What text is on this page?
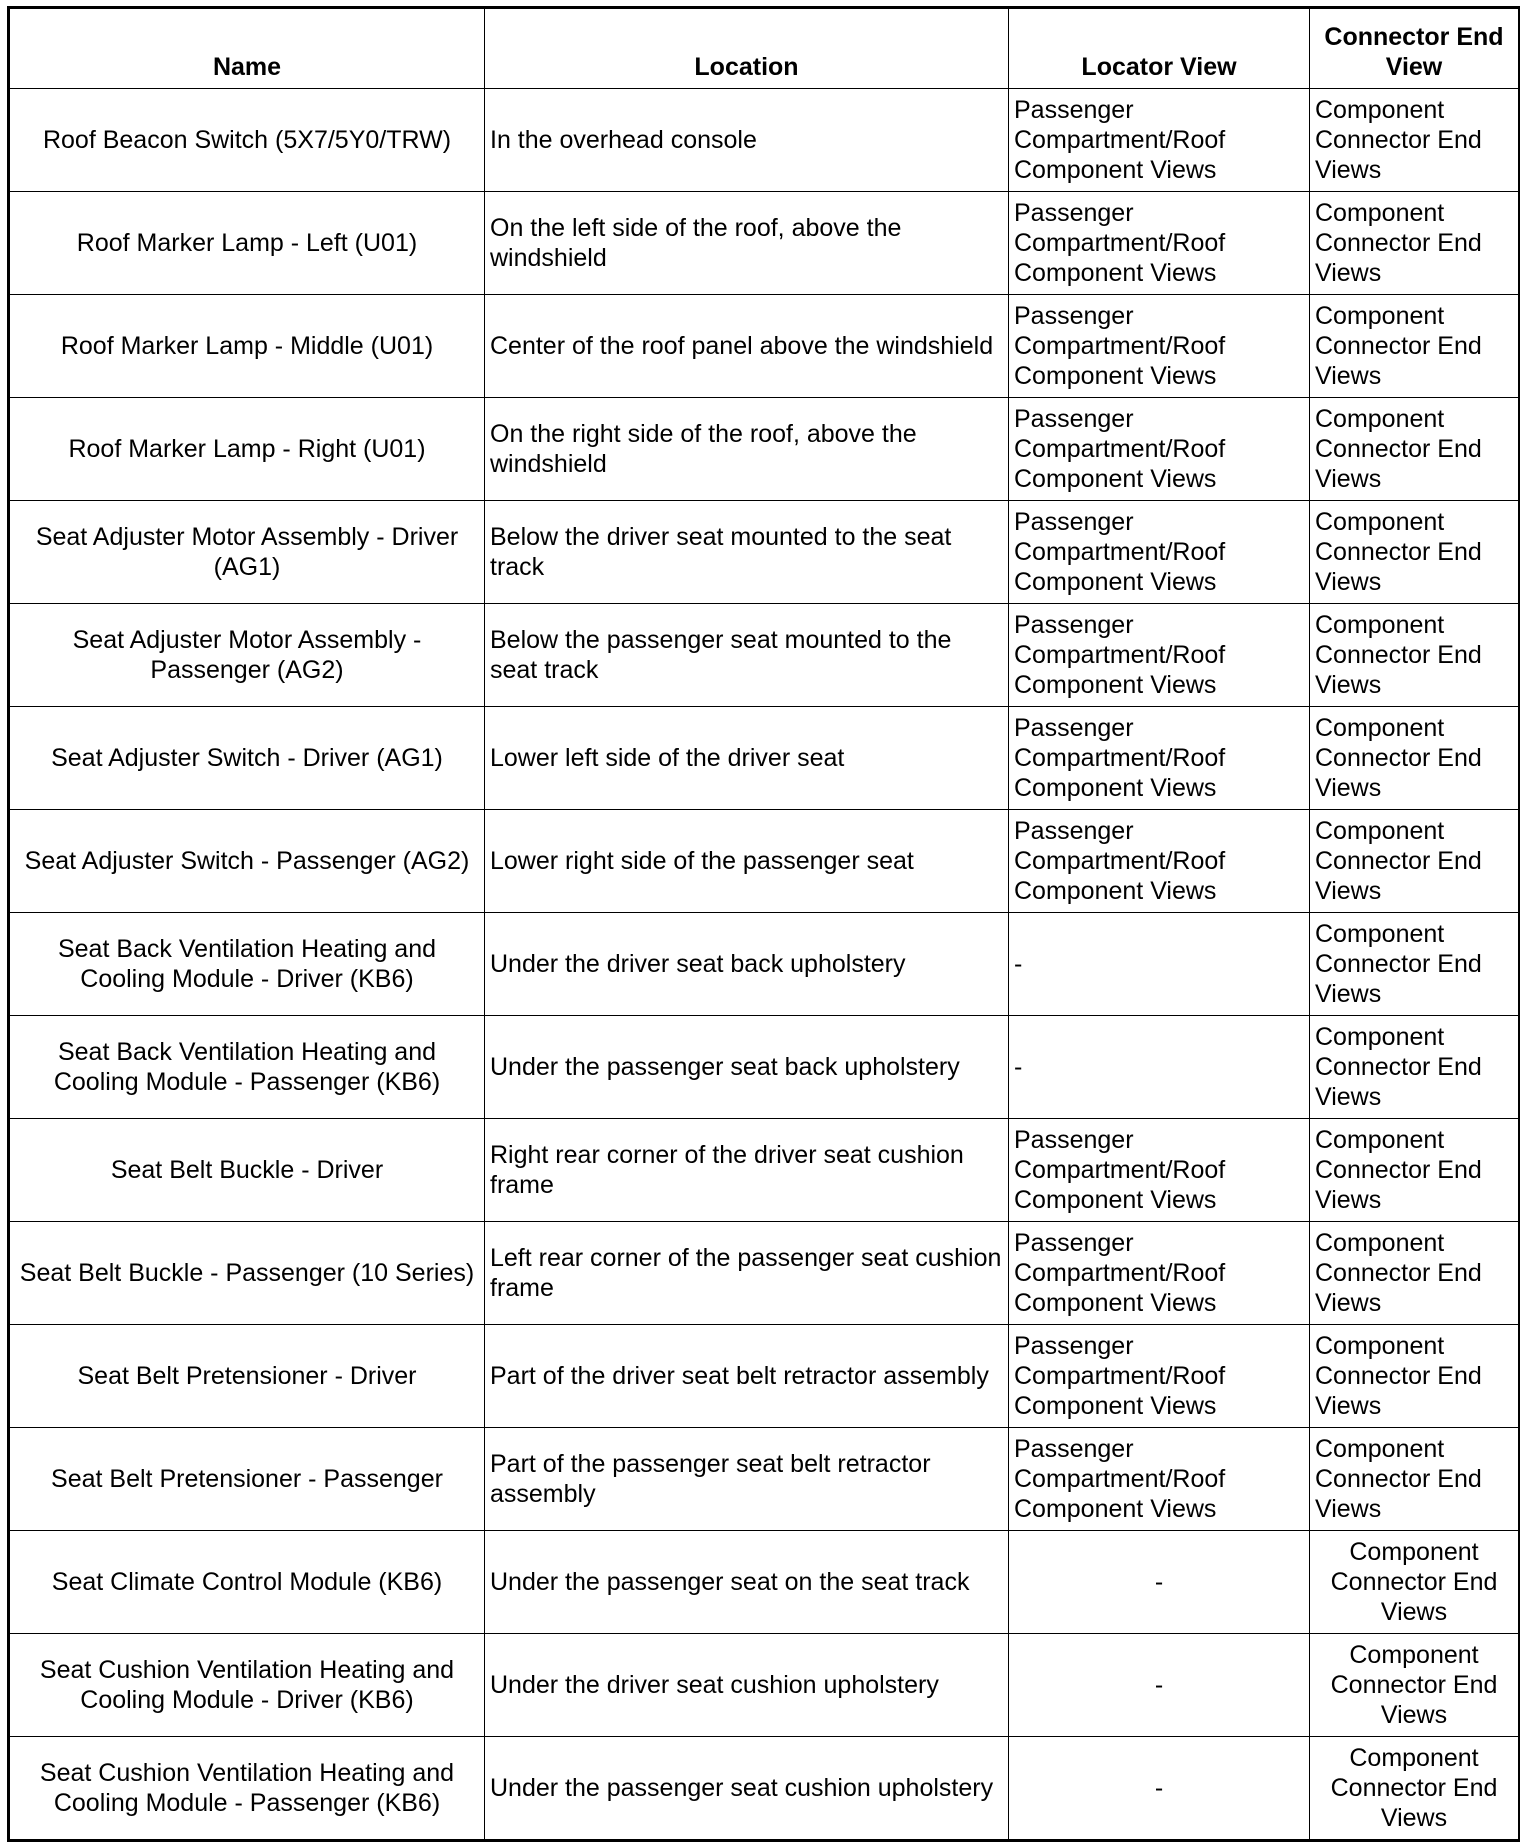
Name	Location	Locator View	Connector End View
Roof Beacon Switch (5X7/5Y0/TRW)	In the overhead console	Passenger Compartment/Roof Component Views	Component Connector End Views
Roof Marker Lamp - Left (U01)	On the left side of the roof, above the windshield	Passenger Compartment/Roof Component Views	Component Connector End Views
Roof Marker Lamp - Middle (U01)	Center of the roof panel above the windshield	Passenger Compartment/Roof Component Views	Component Connector End Views
Roof Marker Lamp - Right (U01)	On the right side of the roof, above the windshield	Passenger Compartment/Roof Component Views	Component Connector End Views
Seat Adjuster Motor Assembly - Driver (AG1)	Below the driver seat mounted to the seat track	Passenger Compartment/Roof Component Views	Component Connector End Views
Seat Adjuster Motor Assembly - Passenger (AG2)	Below the passenger seat mounted to the seat track	Passenger Compartment/Roof Component Views	Component Connector End Views
Seat Adjuster Switch - Driver (AG1)	Lower left side of the driver seat	Passenger Compartment/Roof Component Views	Component Connector End Views
Seat Adjuster Switch - Passenger (AG2)	Lower right side of the passenger seat	Passenger Compartment/Roof Component Views	Component Connector End Views
Seat Back Ventilation Heating and Cooling Module - Driver (KB6)	Under the driver seat back upholstery	-	Component Connector End Views
Seat Back Ventilation Heating and Cooling Module - Passenger (KB6)	Under the passenger seat back upholstery	-	Component Connector End Views
Seat Belt Buckle - Driver	Right rear corner of the driver seat cushion frame	Passenger Compartment/Roof Component Views	Component Connector End Views
Seat Belt Buckle - Passenger (10 Series)	Left rear corner of the passenger seat cushion frame	Passenger Compartment/Roof Component Views	Component Connector End Views
Seat Belt Pretensioner - Driver	Part of the driver seat belt retractor assembly	Passenger Compartment/Roof Component Views	Component Connector End Views
Seat Belt Pretensioner - Passenger	Part of the passenger seat belt retractor assembly	Passenger Compartment/Roof Component Views	Component Connector End Views
Seat Climate Control Module (KB6)	Under the passenger seat on the seat track	-	Component Connector End Views
Seat Cushion Ventilation Heating and Cooling Module - Driver (KB6)	Under the driver seat cushion upholstery	-	Component Connector End Views
Seat Cushion Ventilation Heating and Cooling Module - Passenger (KB6)	Under the passenger seat cushion upholstery	-	Component Connector End Views
